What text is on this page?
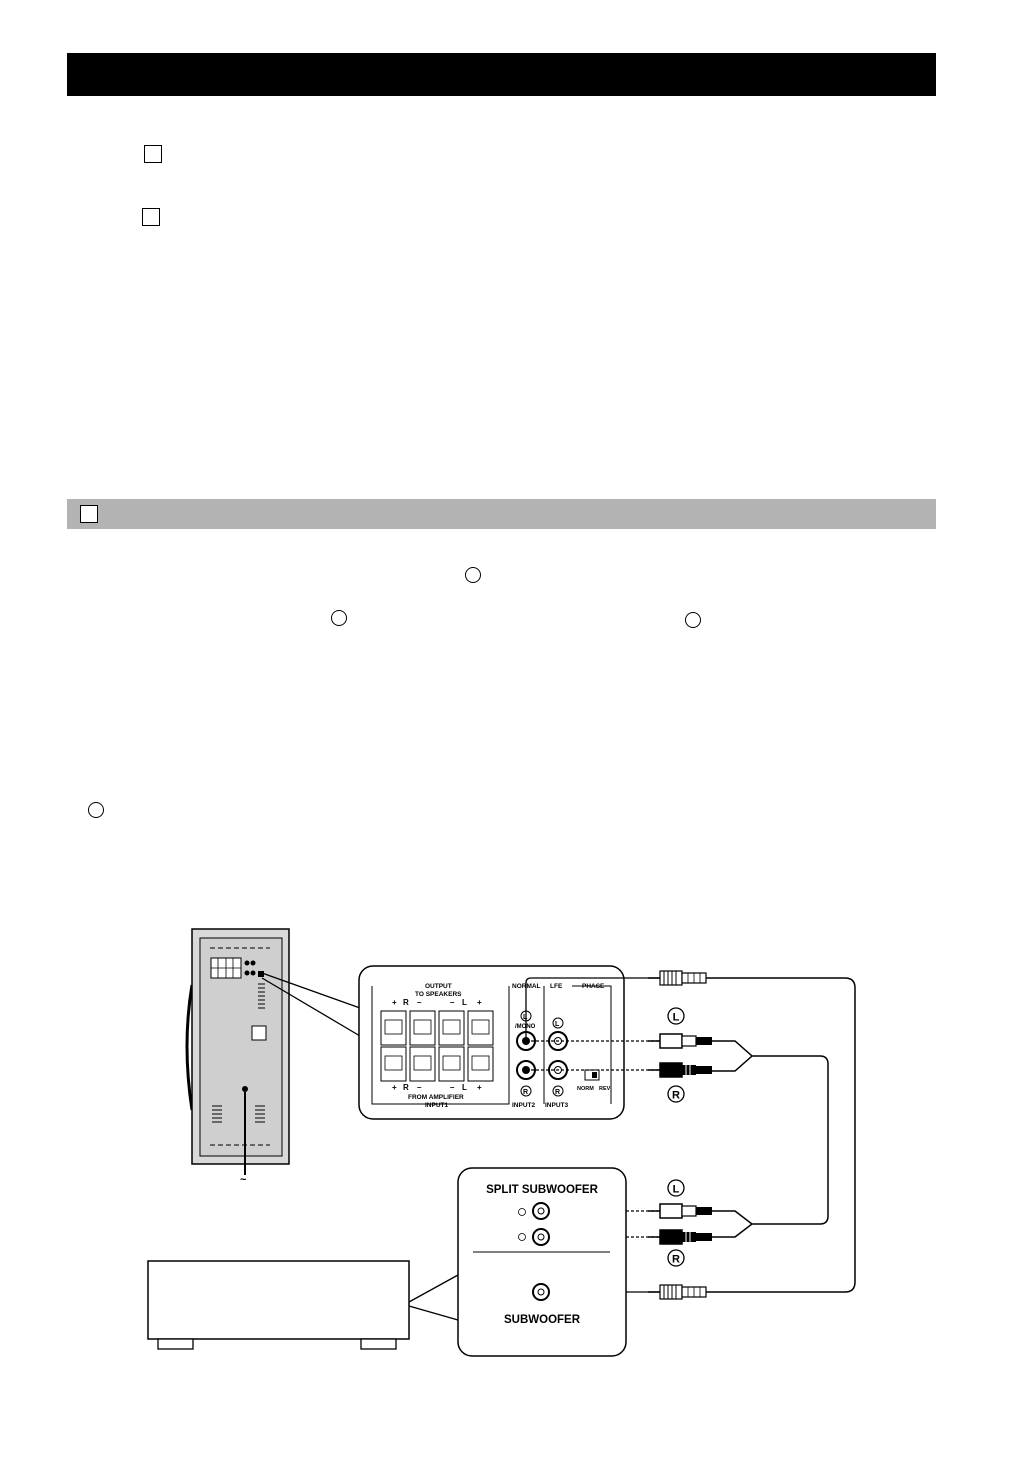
~
OUTPUT
TO SPEAKERS
+ R –	– L +
+ R –	– L +
FROM AMPLIFIER
INPUT1
NORMAL LFE	PHASE
L
/MONO
R
L
R	NORM REV
INPUT2 INPUT3
L
R
L
R
SPLIT SUBWOOFER
SUBWOOFER
